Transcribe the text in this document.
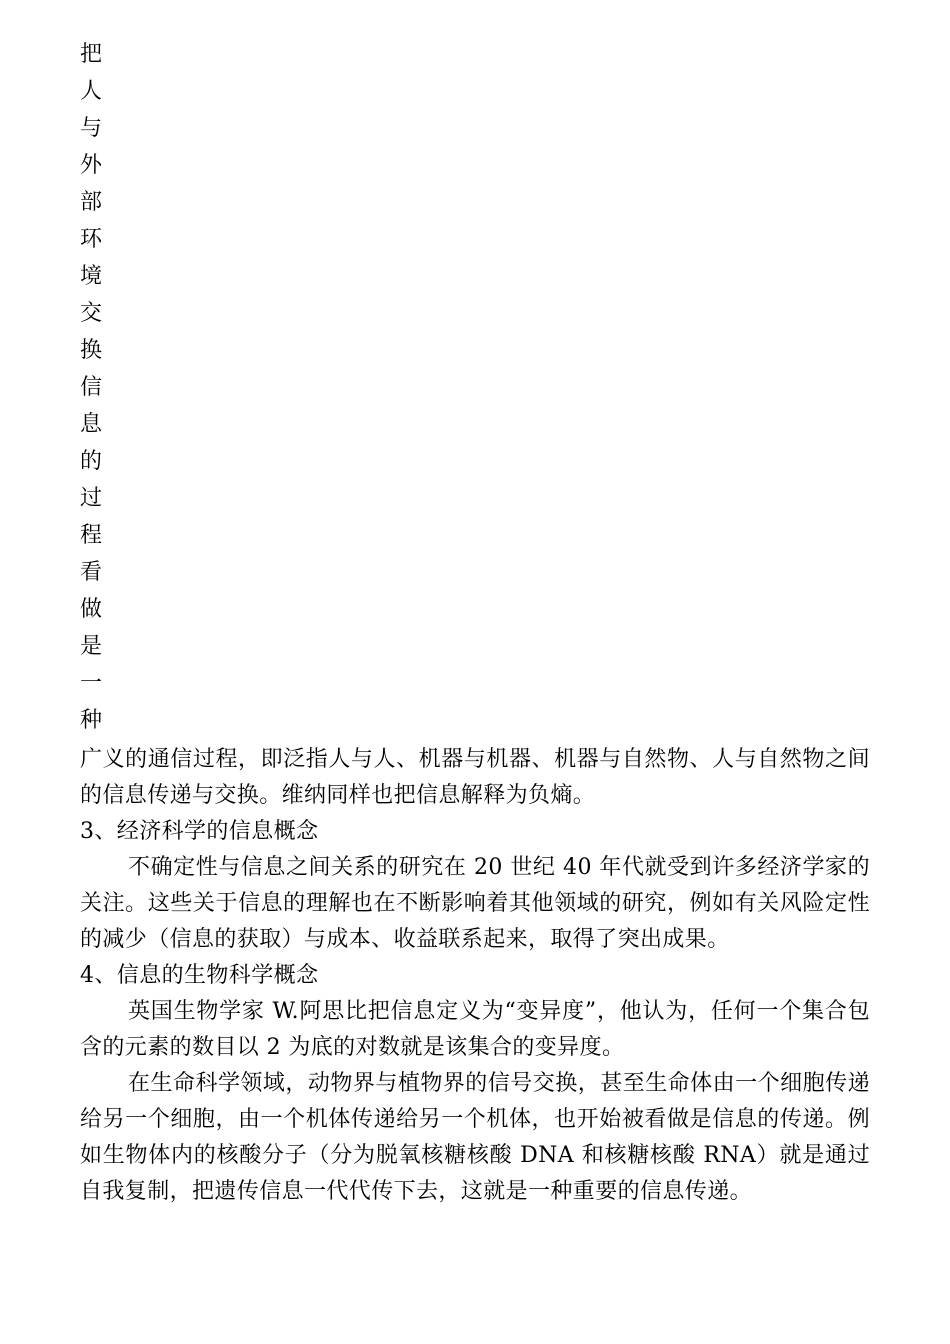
把
人
与
外
部
环
境
交
换
信
息
的
过
程
看
做
是
一
种

广义的通信过程，即泛指人与人、机器与机器、机器与自然物、人与自然物之间的信息传递与交换。维纳同样也把信息解释为负熵。

3、经济科学的信息概念

不确定性与信息之间关系的研究在 20 世纪 40 年代就受到许多经济学家的关注。这些关于信息的理解也在不断影响着其他领域的研究，例如有关风险定性的减少（信息的获取）与成本、收益联系起来，取得了突出成果。

4、信息的生物科学概念

英国生物学家 W.阿思比把信息定义为“变异度”，他认为，任何一个集合包含的元素的数目以 2 为底的对数就是该集合的变异度。

在生命科学领域，动物界与植物界的信号交换，甚至生命体由一个细胞传递给另一个细胞，由一个机体传递给另一个机体，也开始被看做是信息的传递。例如生物体内的核酸分子（分为脱氧核糖核酸 DNA 和核糖核酸 RNA）就是通过自我复制，把遗传信息一代代传下去，这就是一种重要的信息传递。
